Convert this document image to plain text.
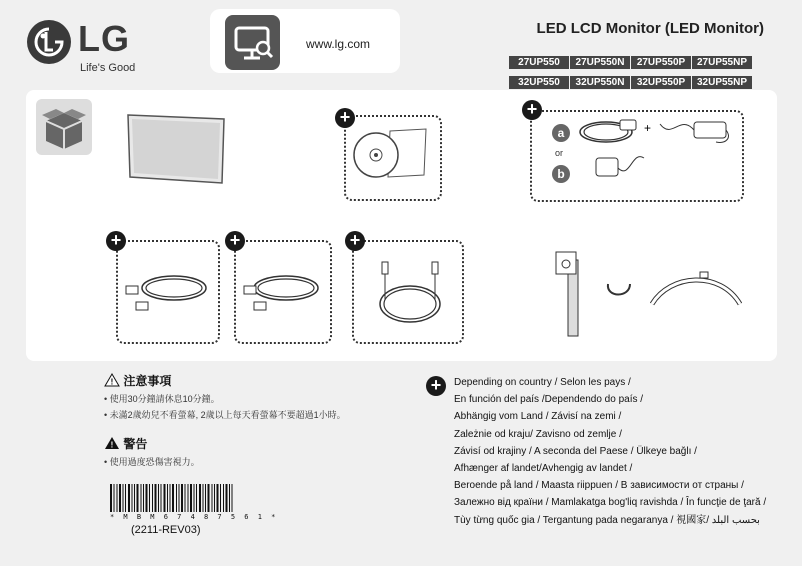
LG
Life's Good
www.lg.com
LED LCD Monitor (LED Monitor)
27UP550 27UP550N 27UP550P 27UP55NP
32UP550 32UP550N 32UP550P 32UP55NP
+	+
a
or
b
+
+	+	+
! 注意事項
• 使用30分鐘請休息10分鐘。
• 未滿2歲幼兒不看螢幕, 2歲以上每天看螢幕不要超過1小時。
! 警告
• 使用過度恐傷害視力。
* M B M 6 7 4 8 7 5 6 1 *
(2211-REV03)
+	Depending on country / Selon les pays /
En función del país /Dependendo do país /
Abhängig vom Land / Závisí na zemi /
Zależnie od kraju/ Zavisno od zemlje /
Závisí od krajiny / A seconda del Paese / Ülkeye bağlı /
Afhænger af landet/Avhengig av landet /
Beroende på land / Maasta riippuen / В зависимости от страны /
Залежно від країни / Mamlakatga bog'liq ravishda / În funcţie de ţară /
Tùy từng quốc gia / Tergantung pada negaranya / 視國家/ بحسب البلد
